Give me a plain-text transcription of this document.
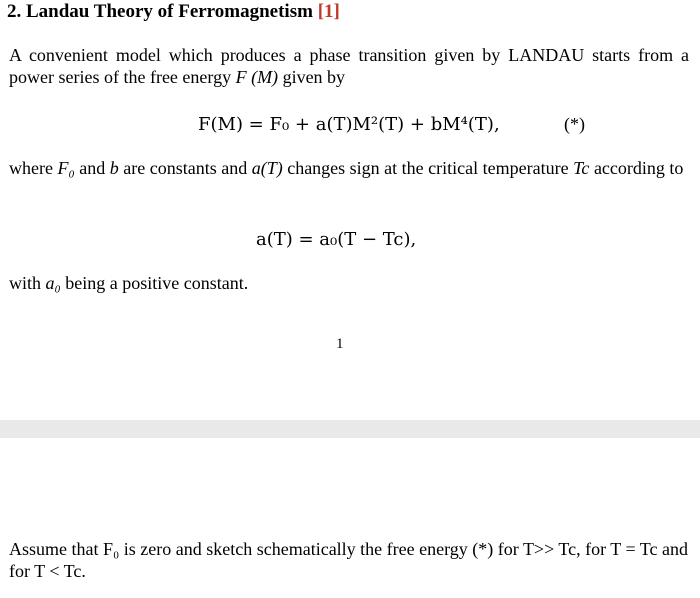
2. Landau Theory of Ferromagnetism [1]
A convenient model which produces a phase transition given by LANDAU starts from a power series of the free energy F (M) given by
F(M) = F₀ + a(T)M²(T) + bM⁴(T),	(*)
where F₀ and b are constants and a(T) changes sign at the critical temperature Tc according to
a(T) = a₀(T − Tc),
with a₀ being a positive constant.
1
Assume that F₀ is zero and sketch schematically the free energy (*) for T>> Tc, for T = Tc and for T < Tc.
